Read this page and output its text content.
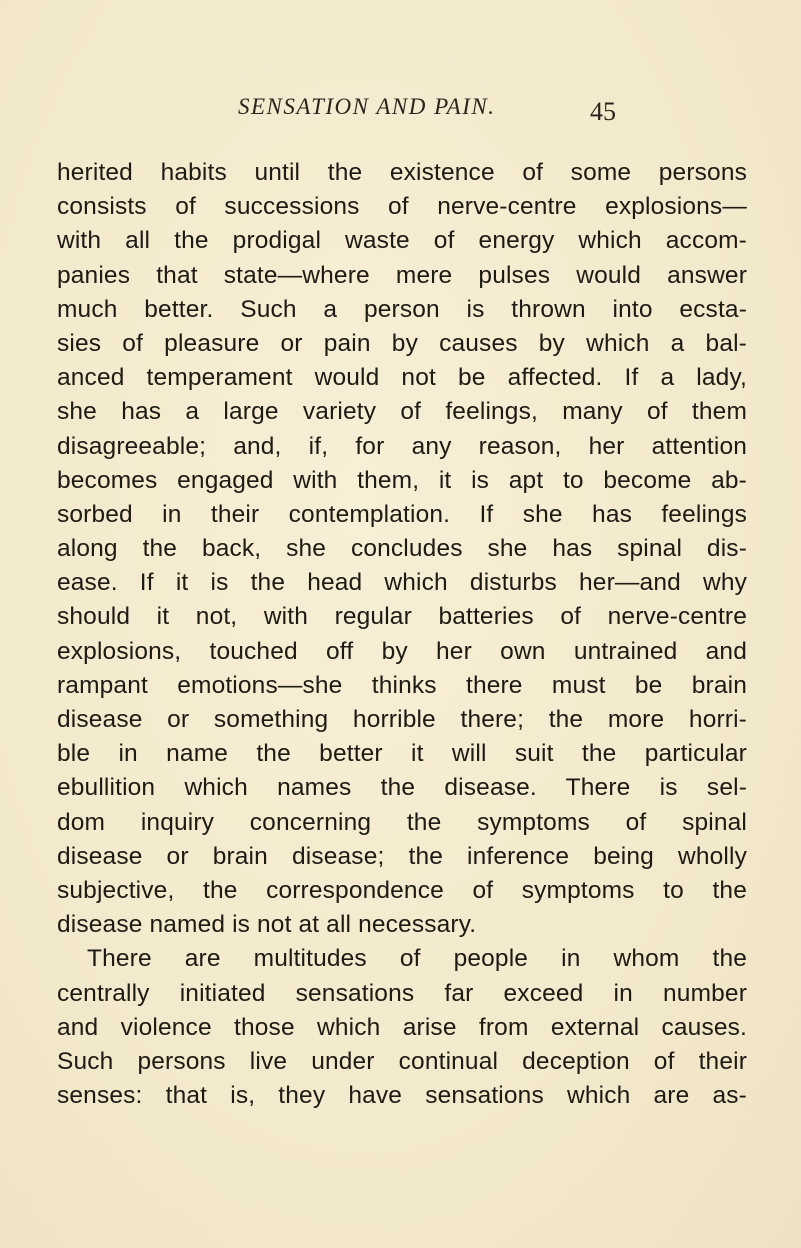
SENSATION AND PAIN.	45
herited habits until the existence of some persons
consists of successions of nerve-centre explosions—
with all the prodigal waste of energy which accom-
panies that state—where mere pulses would answer
much better. Such a person is thrown into ecsta-
sies of pleasure or pain by causes by which a bal-
anced temperament would not be affected. If a lady,
she has a large variety of feelings, many of them
disagreeable; and, if, for any reason, her attention
becomes engaged with them, it is apt to become ab-
sorbed in their contemplation. If she has feelings
along the back, she concludes she has spinal dis-
ease. If it is the head which disturbs her—and why
should it not, with regular batteries of nerve-centre
explosions, touched off by her own untrained and
rampant emotions—she thinks there must be brain
disease or something horrible there; the more horri-
ble in name the better it will suit the particular
ebullition which names the disease. There is sel-
dom inquiry concerning the symptoms of spinal
disease or brain disease; the inference being wholly
subjective, the correspondence of symptoms to the
disease named is not at all necessary.
There are multitudes of people in whom the
centrally initiated sensations far exceed in number
and violence those which arise from external causes.
Such persons live under continual deception of their
senses: that is, they have sensations which are as-
